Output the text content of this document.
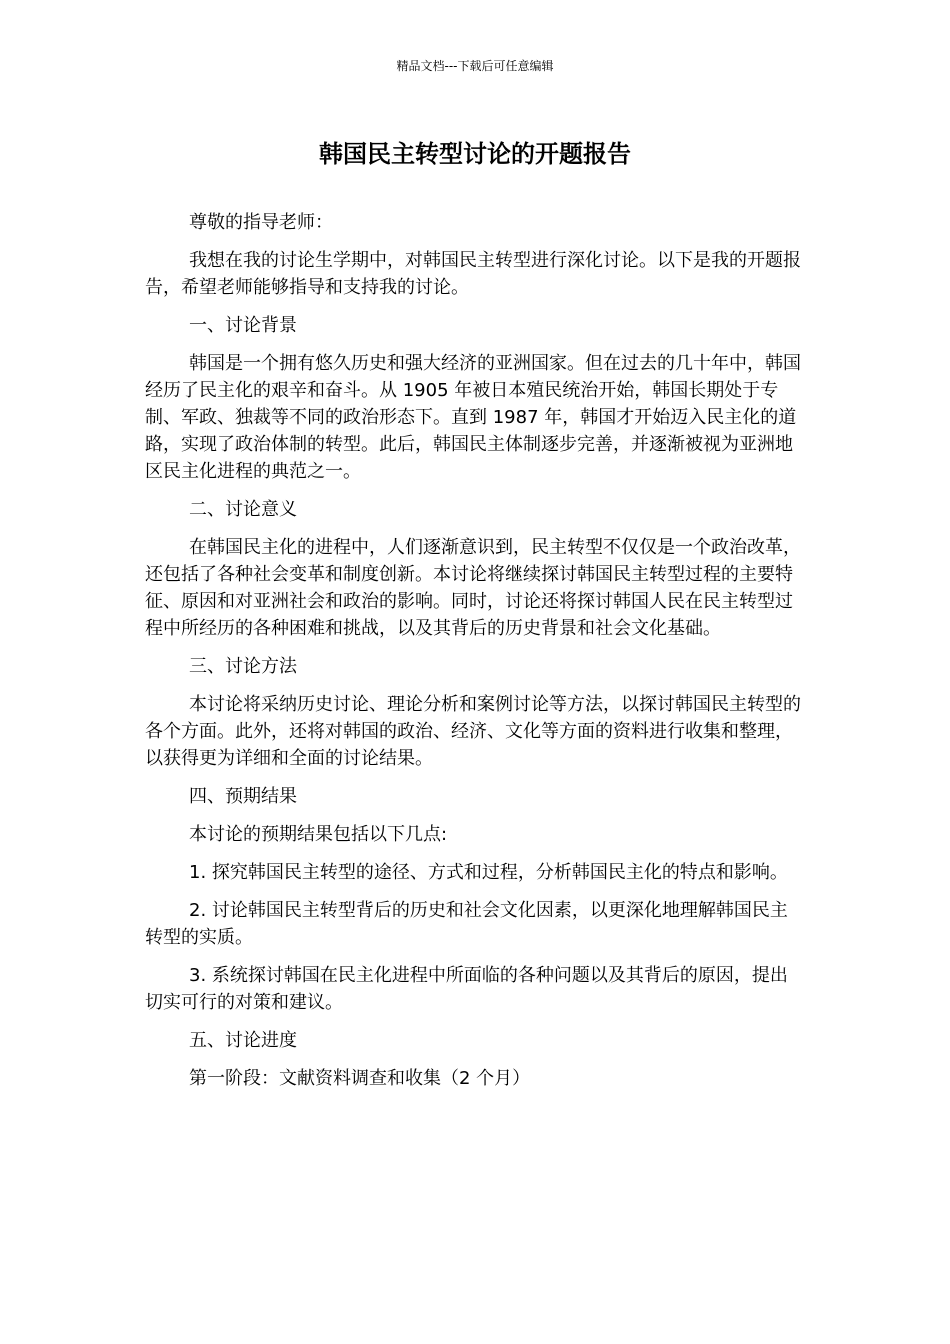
精品文档---下载后可任意编辑
韩国民主转型讨论的开题报告

尊敬的指导老师：

我想在我的讨论生学期中，对韩国民主转型进行深化讨论。以下是我的开题报告，希望老师能够指导和支持我的讨论。

一、讨论背景

韩国是一个拥有悠久历史和强大经济的亚洲国家。但在过去的几十年中，韩国经历了民主化的艰辛和奋斗。从 1905 年被日本殖民统治开始，韩国长期处于专制、军政、独裁等不同的政治形态下。直到 1987 年，韩国才开始迈入民主化的道路，实现了政治体制的转型。此后，韩国民主体制逐步完善，并逐渐被视为亚洲地区民主化进程的典范之一。

二、讨论意义

在韩国民主化的进程中，人们逐渐意识到，民主转型不仅仅是一个政治改革，还包括了各种社会变革和制度创新。本讨论将继续探讨韩国民主转型过程的主要特征、原因和对亚洲社会和政治的影响。同时，讨论还将探讨韩国人民在民主转型过程中所经历的各种困难和挑战，以及其背后的历史背景和社会文化基础。

三、讨论方法

本讨论将采纳历史讨论、理论分析和案例讨论等方法，以探讨韩国民主转型的各个方面。此外，还将对韩国的政治、经济、文化等方面的资料进行收集和整理，以获得更为详细和全面的讨论结果。

四、预期结果

本讨论的预期结果包括以下几点:

1. 探究韩国民主转型的途径、方式和过程，分析韩国民主化的特点和影响。

2. 讨论韩国民主转型背后的历史和社会文化因素，以更深化地理解韩国民主转型的实质。

3. 系统探讨韩国在民主化进程中所面临的各种问题以及其背后的原因，提出切实可行的对策和建议。

五、讨论进度

第一阶段：文献资料调查和收集（2 个月）
